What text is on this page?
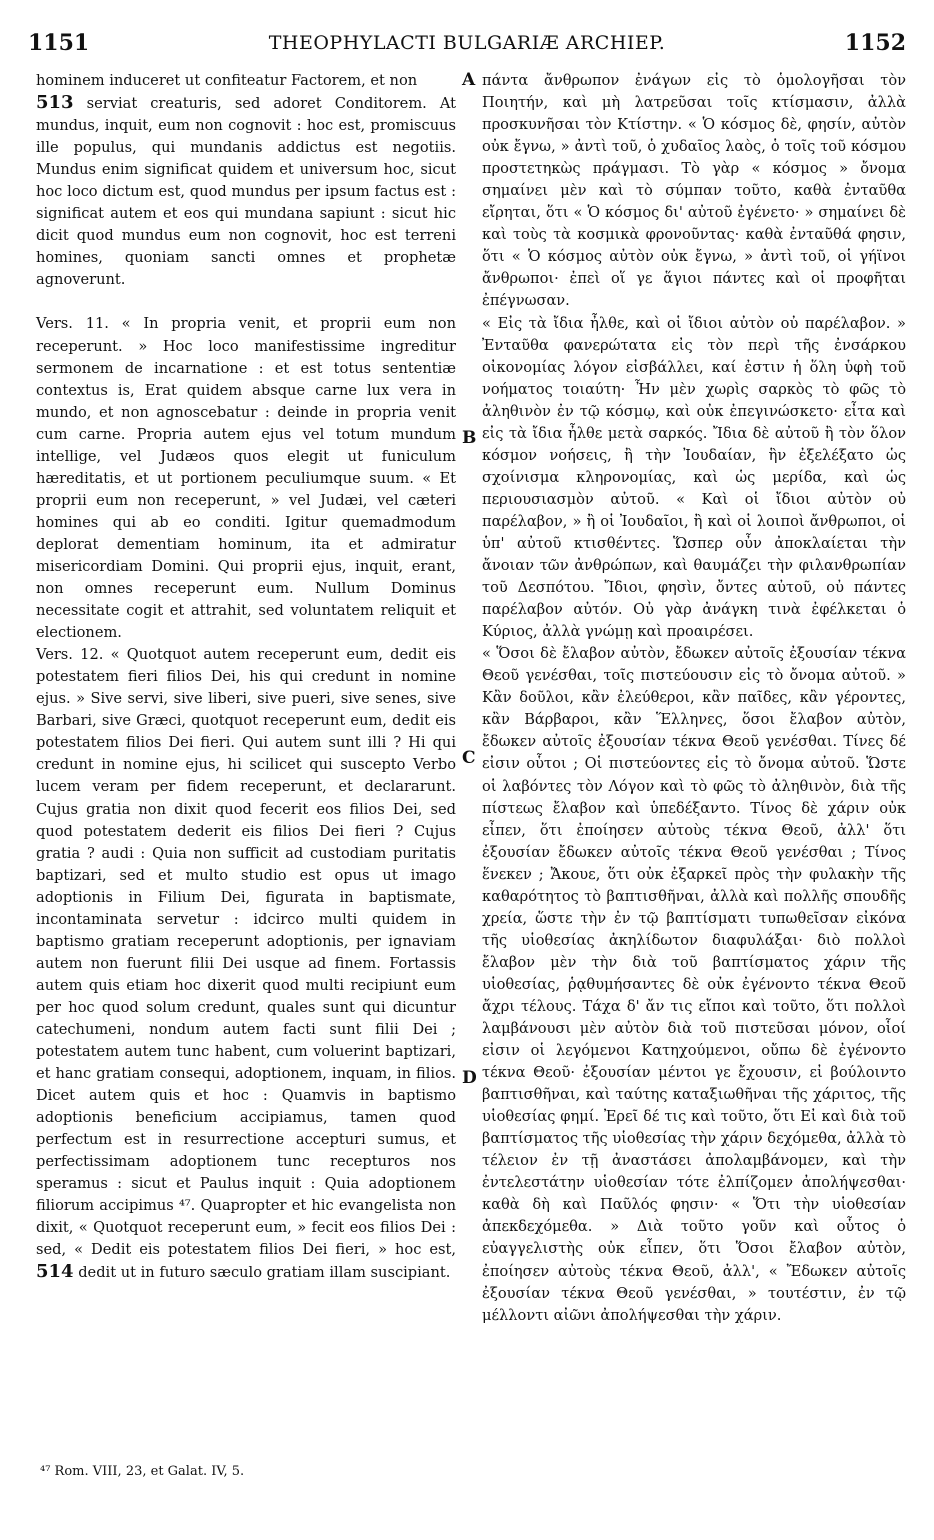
1151	THEOPHYLACTI BULGARIÆ ARCHIEP.	1152

hominem induceret ut confiteatur Factorem, et non
513 serviat creaturis, sed adoret Conditorem. At mundus, inquit, eum non cognovit : hoc est, promiscuus ille populus, qui mundanis addictus est negotiis. Mundus enim significat quidem et universum hoc, sicut hoc loco dictum est, quod mundus per ipsum factus est : significat autem et eos qui mundana sapiunt : sicut hic dicit quod mundus eum non cognovit, hoc est terreni homines, quoniam sancti omnes et prophetæ agnoverunt.

Vers. 11. « In propria venit, et proprii eum non receperunt. » Hoc loco manifestissime ingreditur sermonem de incarnatione : et est totus sententiæ contextus is, Erat quidem absque carne lux vera in mundo, et non agnoscebatur : deinde in propria venit cum carne. Propria autem ejus vel totum mundum intellige, vel Judæos quos elegit ut funiculum hæreditatis, et ut portionem peculiumque suum. « Et proprii eum non receperunt, » vel Judæi, vel cæteri homines qui ab eo conditi. Igitur quemadmodum deplorat dementiam hominum, ita et admiratur misericordiam Domini. Qui proprii ejus, inquit, erant, non omnes receperunt eum. Nullum Dominus necessitate cogit et attrahit, sed voluntatem reliquit et electionem.

Vers. 12. « Quotquot autem receperunt eum, dedit eis potestatem fieri filios Dei, his qui credunt in nomine ejus. » Sive servi, sive liberi, sive pueri, sive senes, sive Barbari, sive Græci, quotquot receperunt eum, dedit eis potestatem filios Dei fieri. Qui autem sunt illi ? Hi qui credunt in nomine ejus, hi scilicet qui suscepto Verbo lucem veram per fidem receperunt, et declararunt. Cujus gratia non dixit quod fecerit eos filios Dei, sed quod potestatem dederit eis filios Dei fieri ? Cujus gratia ? audi : Quia non sufficit ad custodiam puritatis baptizari, sed et multo studio est opus ut imago adoptionis in Filium Dei, figurata in baptismate, incontaminata servetur : idcirco multi quidem in baptismo gratiam receperunt adoptionis, per ignaviam autem non fuerunt filii Dei usque ad finem. Fortassis autem quis etiam hoc dixerit quod multi recipiunt eum per hoc quod solum credunt, quales sunt qui dicuntur catechumeni, nondum autem facti sunt filii Dei ; potestatem autem tunc habent, cum voluerint baptizari, et hanc gratiam consequi, adoptionem, inquam, in filios. Dicet autem quis et hoc : Quamvis in baptismo adoptionis beneficium accipiamus, tamen quod perfectum est in resurrectione accepturi sumus, et perfectissimam adoptionem tunc recepturos nos speramus : sicut et Paulus inquit : Quia adoptionem filiorum accipimus ⁴⁷. Quapropter et hic evangelista non dixit, « Quotquot receperunt eum, » fecit eos filios Dei : sed, « Dedit eis potestatem filios Dei fieri, » hoc est, 514 dedit ut in futuro sæculo gratiam illam suscipiant.

A
B
C
D

πάντα ἄνθρωπον ἐνάγων εἰς τὸ ὁμολογῆσαι τὸν Ποιητήν, καὶ μὴ λατρεῦσαι τοῖς κτίσμασιν, ἀλλὰ προσκυνῆσαι τὸν Κτίστην. « Ὁ κόσμος δὲ, φησίν, αὐτὸν οὐκ ἔγνω, » ἀντὶ τοῦ, ὁ χυδαῖος λαὸς, ὁ τοῖς τοῦ κόσμου προστετηκὼς πράγμασι. Τὸ γὰρ « κόσμος » ὄνομα σημαίνει μὲν καὶ τὸ σύμπαν τοῦτο, καθὰ ἐνταῦθα εἴρηται, ὅτι « Ὁ κόσμος δι' αὐτοῦ ἐγένετο· » σημαίνει δὲ καὶ τοὺς τὰ κοσμικὰ φρονοῦντας· καθὰ ἐνταῦθά φησιν, ὅτι « Ὁ κόσμος αὐτὸν οὐκ ἔγνω, » ἀντὶ τοῦ, οἱ γήϊνοι ἄνθρωποι· ἐπεὶ οἵ γε ἅγιοι πάντες καὶ οἱ προφῆται ἐπέγνωσαν.

« Εἰς τὰ ἴδια ἦλθε, καὶ οἱ ἴδιοι αὐτὸν οὐ παρέλαβον. » Ἐνταῦθα φανερώτατα εἰς τὸν περὶ τῆς ἐνσάρκου οἰκονομίας λόγον εἰσβάλλει, καί ἐστιν ἡ ὅλη ὑφὴ τοῦ νοήματος τοιαύτη· Ἦν μὲν χωρὶς σαρκὸς τὸ φῶς τὸ ἀληθινὸν ἐν τῷ κόσμῳ, καὶ οὐκ ἐπεγινώσκετο· εἶτα καὶ εἰς τὰ ἴδια ἦλθε μετὰ σαρκός. Ἴδια δὲ αὐτοῦ ἢ τὸν ὅλον κόσμον νοήσεις, ἢ τὴν Ἰουδαίαν, ἣν ἐξελέξατο ὡς σχοίνισμα κληρονομίας, καὶ ὡς μερίδα, καὶ ὡς περιουσιασμὸν αὐτοῦ. « Καὶ οἱ ἴδιοι αὐτὸν οὐ παρέλαβον, » ἢ οἱ Ἰουδαῖοι, ἢ καὶ οἱ λοιποὶ ἄνθρωποι, οἱ ὑπ' αὐτοῦ κτισθέντες. Ὥσπερ οὖν ἀποκλαίεται τὴν ἄνοιαν τῶν ἀνθρώπων, καὶ θαυμάζει τὴν φιλανθρωπίαν τοῦ Δεσπότου. Ἴδιοι, φησὶν, ὄντες αὐτοῦ, οὐ πάντες παρέλαβον αὐτόν. Οὐ γὰρ ἀνάγκη τινὰ ἐφέλκεται ὁ Κύριος, ἀλλὰ γνώμῃ καὶ προαιρέσει.

« Ὅσοι δὲ ἔλαβον αὐτὸν, ἔδωκεν αὐτοῖς ἐξουσίαν τέκνα Θεοῦ γενέσθαι, τοῖς πιστεύουσιν εἰς τὸ ὄνομα αὐτοῦ. » Κἂν δοῦλοι, κἂν ἐλεύθεροι, κἂν παῖδες, κἂν γέροντες, κἂν Βάρβαροι, κἂν Ἕλληνες, ὅσοι ἔλαβον αὐτὸν, ἔδωκεν αὐτοῖς ἐξουσίαν τέκνα Θεοῦ γενέσθαι. Τίνες δέ εἰσιν οὗτοι ; Οἱ πιστεύοντες εἰς τὸ ὄνομα αὐτοῦ. Ὥστε οἱ λαβόντες τὸν Λόγον καὶ τὸ φῶς τὸ ἀληθινὸν, διὰ τῆς πίστεως ἔλαβον καὶ ὑπεδέξαντο. Τίνος δὲ χάριν οὐκ εἶπεν, ὅτι ἐποίησεν αὐτοὺς τέκνα Θεοῦ, ἀλλ' ὅτι ἐξουσίαν ἔδωκεν αὐτοῖς τέκνα Θεοῦ γενέσθαι ; Τίνος ἕνεκεν ; Ἄκουε, ὅτι οὐκ ἐξαρκεῖ πρὸς τὴν φυλακὴν τῆς καθαρότητος τὸ βαπτισθῆναι, ἀλλὰ καὶ πολλῆς σπουδῆς χρεία, ὥστε τὴν ἐν τῷ βαπτίσματι τυπωθεῖσαν εἰκόνα τῆς υἱοθεσίας ἀκηλίδωτον διαφυλάξαι· διὸ πολλοὶ ἔλαβον μὲν τὴν διὰ τοῦ βαπτίσματος χάριν τῆς υἱοθεσίας, ῥᾳθυμήσαντες δὲ οὐκ ἐγένοντο τέκνα Θεοῦ ἄχρι τέλους. Τάχα δ' ἄν τις εἴποι καὶ τοῦτο, ὅτι πολλοὶ λαμβάνουσι μὲν αὐτὸν διὰ τοῦ πιστεῦσαι μόνον, οἷοί εἰσιν οἱ λεγόμενοι Κατηχούμενοι, οὔπω δὲ ἐγένοντο τέκνα Θεοῦ· ἐξουσίαν μέντοι γε ἔχουσιν, εἰ βούλοιντο βαπτισθῆναι, καὶ ταύτης καταξιωθῆναι τῆς χάριτος, τῆς υἱοθεσίας φημί. Ἐρεῖ δέ τις καὶ τοῦτο, ὅτι Εἰ καὶ διὰ τοῦ βαπτίσματος τῆς υἱοθεσίας τὴν χάριν δεχόμεθα, ἀλλὰ τὸ τέλειον ἐν τῇ ἀναστάσει ἀπολαμβάνομεν, καὶ τὴν ἐντελεστάτην υἱοθεσίαν τότε ἐλπίζομεν ἀπολήψεσθαι· καθὰ δὴ καὶ Παῦλός φησιν· « Ὅτι τὴν υἱοθεσίαν ἀπεκδεχόμεθα. » Διὰ τοῦτο γοῦν καὶ οὗτος ὁ εὐαγγελιστὴς οὐκ εἶπεν, ὅτι Ὅσοι ἔλαβον αὐτὸν, ἐποίησεν αὐτοὺς τέκνα Θεοῦ, ἀλλ', « Ἔδωκεν αὐτοῖς ἐξουσίαν τέκνα Θεοῦ γενέσθαι, » τουτέστιν, ἐν τῷ μέλλοντι αἰῶνι ἀπολήψεσθαι τὴν χάριν.

⁴⁷ Rom. VIII, 23, et Galat. IV, 5.
